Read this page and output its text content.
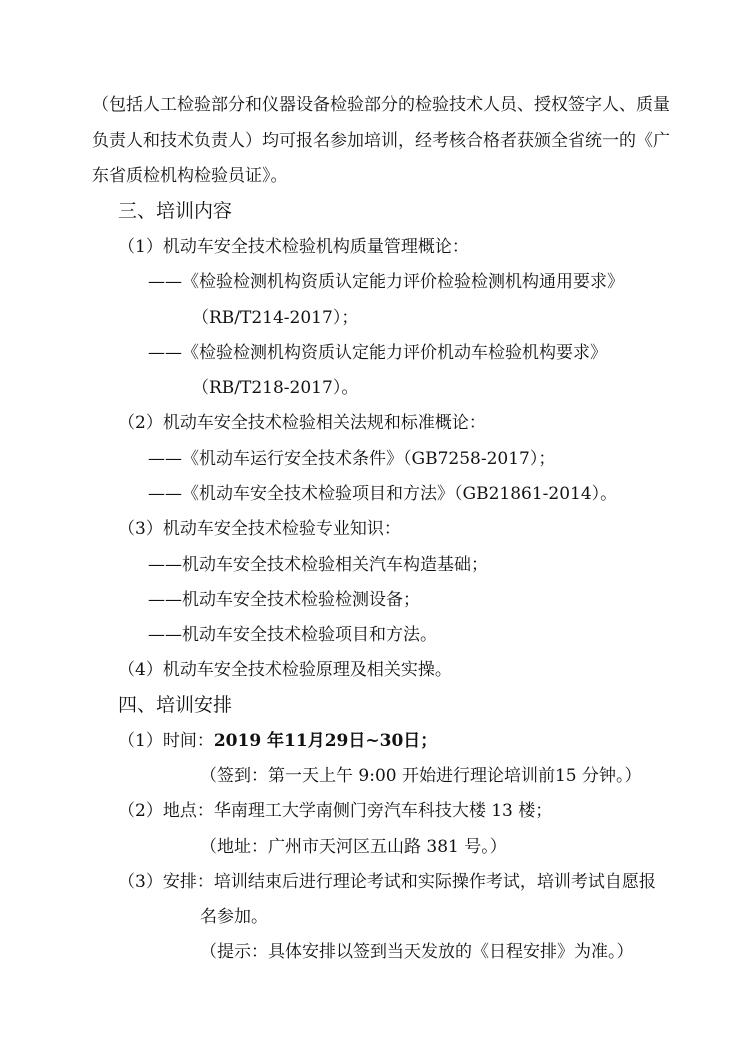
（包括人工检验部分和仪器设备检验部分的检验技术人员、授权签字人、质量
负责人和技术负责人）均可报名参加培训，经考核合格者获颁全省统一的《广
东省质检机构检验员证》。
三、培训内容
（1）机动车安全技术检验机构质量管理概论：
——《检验检测机构资质认定能力评价检验检测机构通用要求》
（RB/T214-2017）；
——《检验检测机构资质认定能力评价机动车检验机构要求》
（RB/T218-2017）。
（2）机动车安全技术检验相关法规和标准概论：
——《机动车运行安全技术条件》（GB7258-2017）；
——《机动车安全技术检验项目和方法》（GB21861-2014）。
（3）机动车安全技术检验专业知识：
——机动车安全技术检验相关汽车构造基础；
——机动车安全技术检验检测设备；
——机动车安全技术检验项目和方法。
（4）机动车安全技术检验原理及相关实操。
四、培训安排
（1）时间：2019 年11月29日~30日；
（签到：第一天上午 9:00 开始进行理论培训前15 分钟。）
（2）地点：华南理工大学南侧门旁汽车科技大楼 13 楼；
（地址：广州市天河区五山路 381 号。）
（3）安排：培训结束后进行理论考试和实际操作考试，培训考试自愿报
名参加。
（提示：具体安排以签到当天发放的《日程安排》为准。）
